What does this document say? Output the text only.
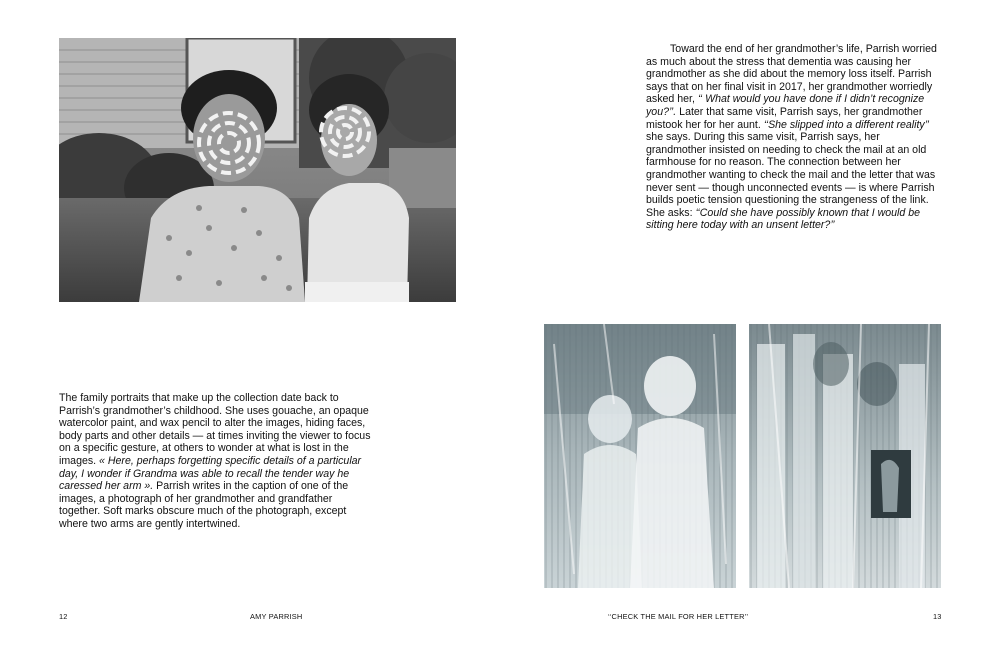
The family portraits that make up the collection date back to Parrish’s grandmother’s childhood. She uses gouache, an opaque watercolor paint, and wax pencil to alter the images, hiding faces, body parts and other details — at times inviting the viewer to focus on a specific gesture, at others to wonder at what is lost in the images. « Here, perhaps forgetting specific details of a particular day, I wonder if Grandma was able to recall the tender way he caressed her arm ». Parrish writes in the caption of one of the images, a photograph of her grandmother and grandfather together. Soft marks obscure much of the photograph, except where two arms are gently intertwined.

12	AMY PARRISH

Toward the end of her grandmother’s life, Parrish worried as much about the stress that dementia was causing her grandmother as she did about the memory loss itself. Parrish says that on her final visit in 2017, her grandmother worriedly asked her, ‘‘ What would you have done if I didn’t recognize you?’’. Later that same visit, Parrish says, her grandmother mistook her for her aunt. ‘‘She slipped into a different reality’’ she says. During this same visit, Parrish says, her grandmother insisted on needing to check the mail at an old farmhouse for no reason. The connection between her grandmother wanting to check the mail and the letter that was never sent — though unconnected events — is where Parrish builds poetic tension questioning the strangeness of the link. She asks: ‘‘Could she have possibly known that I would be sitting here today with an unsent letter?’’

‘‘CHECK THE MAIL FOR HER LETTER’’	13
